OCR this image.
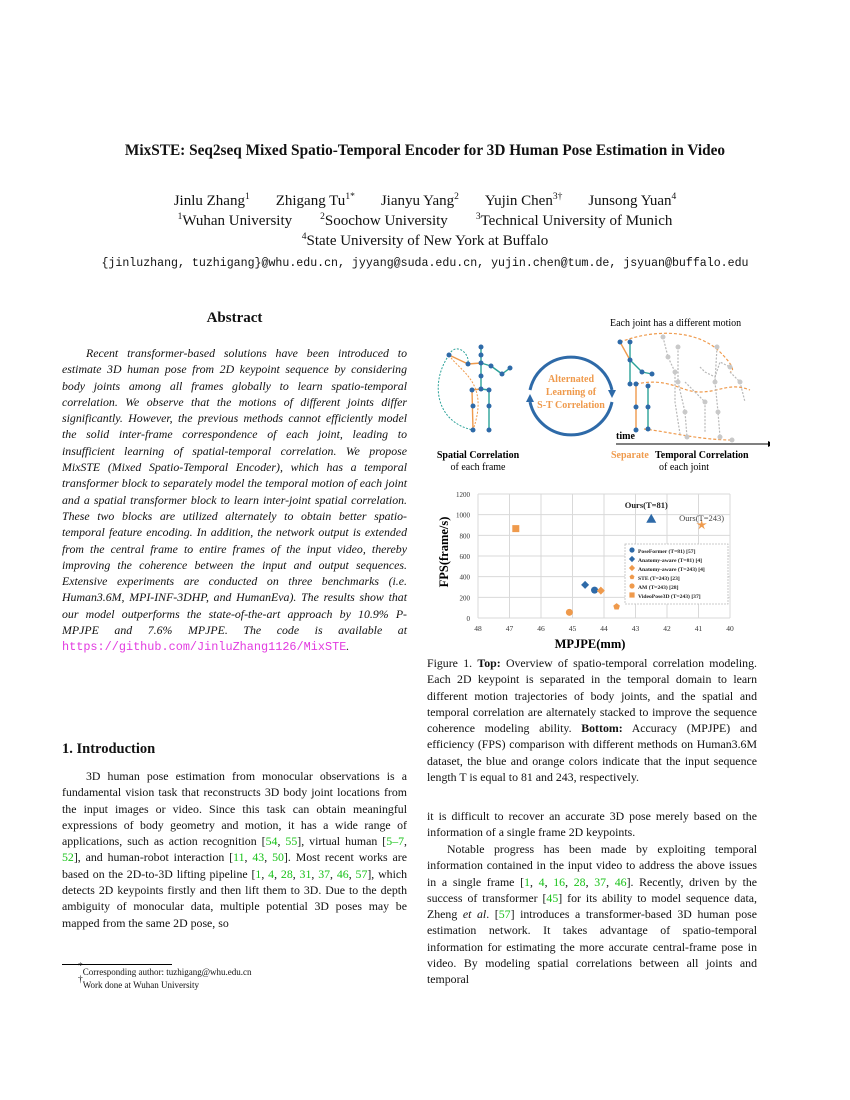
MixSTE: Seq2seq Mixed Spatio-Temporal Encoder for 3D Human Pose Estimation in Video
Jinlu Zhang$^1$ Zhigang $Tu^{1*}$ Jianyu Yang$^2$ Yujin Chen$^{3\dagger}$ Junsong Yuan$^4$
$^1$Wuhan University	$^2$Soochow University	$^3$Technical University of Munich
$^4$State University of New York at Buffalo
{jinluzhang, tuzhigang}@whu.edu.cn, jyyang@suda.edu.cn, yujin.chen@tum.de, jsyuan@buffalo.edu
Abstract
Recent transformer-based solutions have been introduced to estimate 3D human pose from 2D keypoint sequence by considering body joints among all frames globally to learn spatio-temporal correlation. We observe that the motions of different joints differ significantly. However, the previous methods cannot efficiently model the solid inter-frame correspondence of each joint, leading to insufficient learning of spatial-temporal correlation. We propose MixSTE (Mixed Spatio-Temporal Encoder), which has a temporal transformer block to separately model the temporal motion of each joint and a spatial transformer block to learn inter-joint spatial correlation. These two blocks are utilized alternately to obtain better spatio-temporal feature encoding. In addition, the network output is extended from the central frame to entire frames of the input video, thereby improving the coherence between the input and output sequences. Extensive experiments are conducted on three benchmarks (i.e. Human3.6M, MPI-INF-3DHP, and HumanEva). The results show that our model outperforms the state-of-the-art approach by 10.9% P-MPJPE and 7.6% MPJPE. The code is available at https://github.com/JinluZhang1126/MixSTE.
1. Introduction
3D human pose estimation from monocular observations is a fundamental vision task that reconstructs 3D body joint locations from the input images or video. Since this task can obtain meaningful expressions of body geometry and motion, it has a wide range of applications, such as action recognition [54, 55], virtual human [5–7, 52], and human-robot interaction [11, 43, 50]. Most recent works are based on the 2D-to-3D lifting pipeline [1, 4, 28, 31, 37, 46, 57], which detects 2D keypoints firstly and then lift them to 3D. Due to the depth ambiguity of monocular data, multiple potential 3D poses may be mapped from the same 2D pose, so
*Corresponding author: tuzhigang@whu.edu.cn
†Work done at Wuhan University
Each joint has a different motion
Alternated
Learning of
S-T Correlation
time
Spatial Correlation
of each frame
Separate Temporal Correlation
of each joint
0
200
400
600
800
1000
1200
48	47	46	45	44	43	42	41	40
Ours(T=81)
Ours(T=243)
PoseFormer (T=81) [57]
Anatomy-aware (T=81) [4]
Anatomy-aware (T=243) [4]
STE (T=243) [23]
AM (T=243) [28]
VideoPose3D (T=243) [37]
MPJPE(mm)
FPS(frame/s)
Figure 1. Top: Overview of spatio-temporal correlation modeling. Each 2D keypoint is separated in the temporal domain to learn different motion trajectories of body joints, and the spatial and temporal correlation are alternately stacked to improve the sequence coherence modeling ability. Bottom: Accuracy (MPJPE) and efficiency (FPS) comparison with different methods on Human3.6M dataset, the blue and orange colors indicate that the input sequence length T is equal to 81 and 243, respectively.
it is difficult to recover an accurate 3D pose merely based on the information of a single frame 2D keypoints.
Notable progress has been made by exploiting temporal information contained in the input video to address the above issues in a single frame [1, 4, 16, 28, 37, 46]. Recently, driven by the success of transformer [45] for its ability to model sequence data, Zheng et al. [57] introduces a transformer-based 3D human pose estimation network. It takes advantage of spatio-temporal information for estimating the more accurate central-frame pose in video. By modeling spatial correlations between all joints and temporal
